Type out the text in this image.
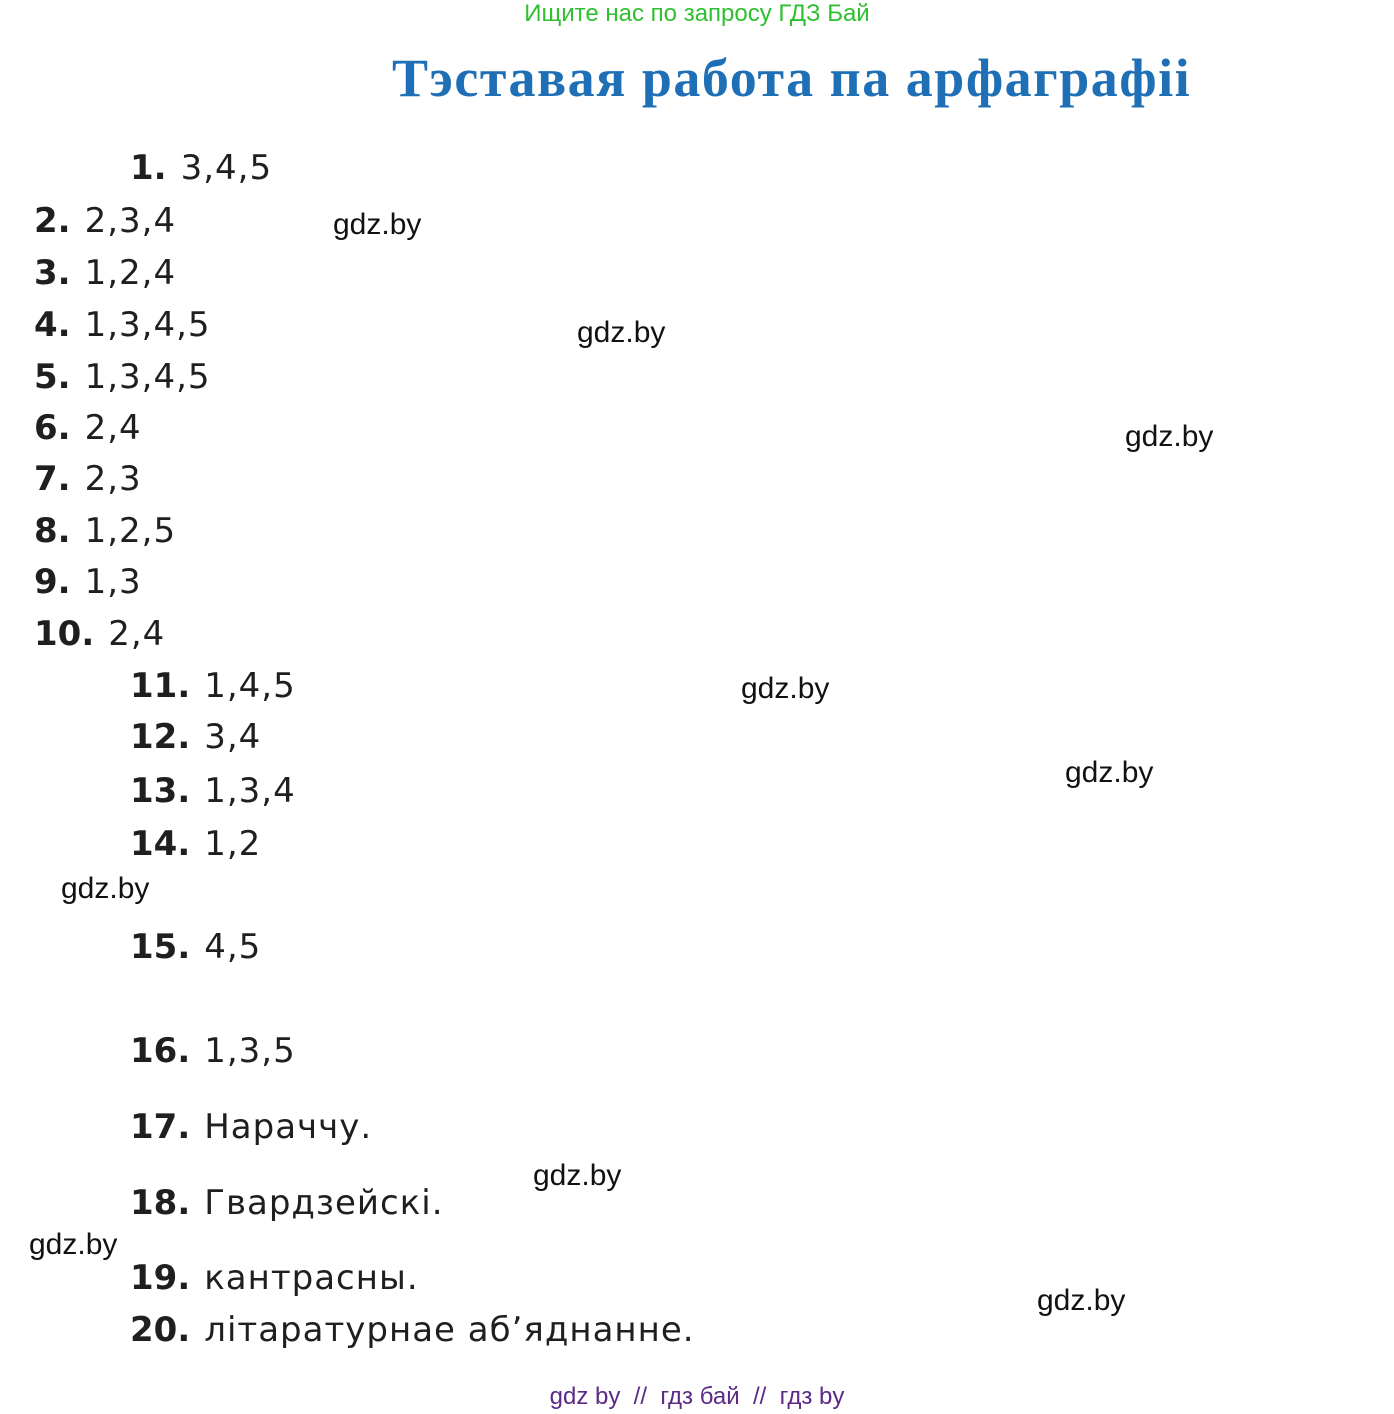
Ищите нас по запросу ГДЗ Бай
Тэставая работа па арфаграфіі
1. 3,4,5
2. 2,3,4
3. 1,2,4
4. 1,3,4,5
5. 1,3,4,5
6. 2,4
7. 2,3
8. 1,2,5
9. 1,3
10. 2,4
11. 1,4,5
12. 3,4
13. 1,3,4
14. 1,2
15. 4,5
16. 1,3,5
17. Нараччу.
18. Гвардзейскі.
19. кантрасны.
20. літаратурнае аб’яднанне.
gdz.by
gdz.by
gdz.by
gdz.by
gdz.by
gdz.by
gdz.by
gdz.by
gdz.by
gdz by  //  гдз бай  //  гдз by
